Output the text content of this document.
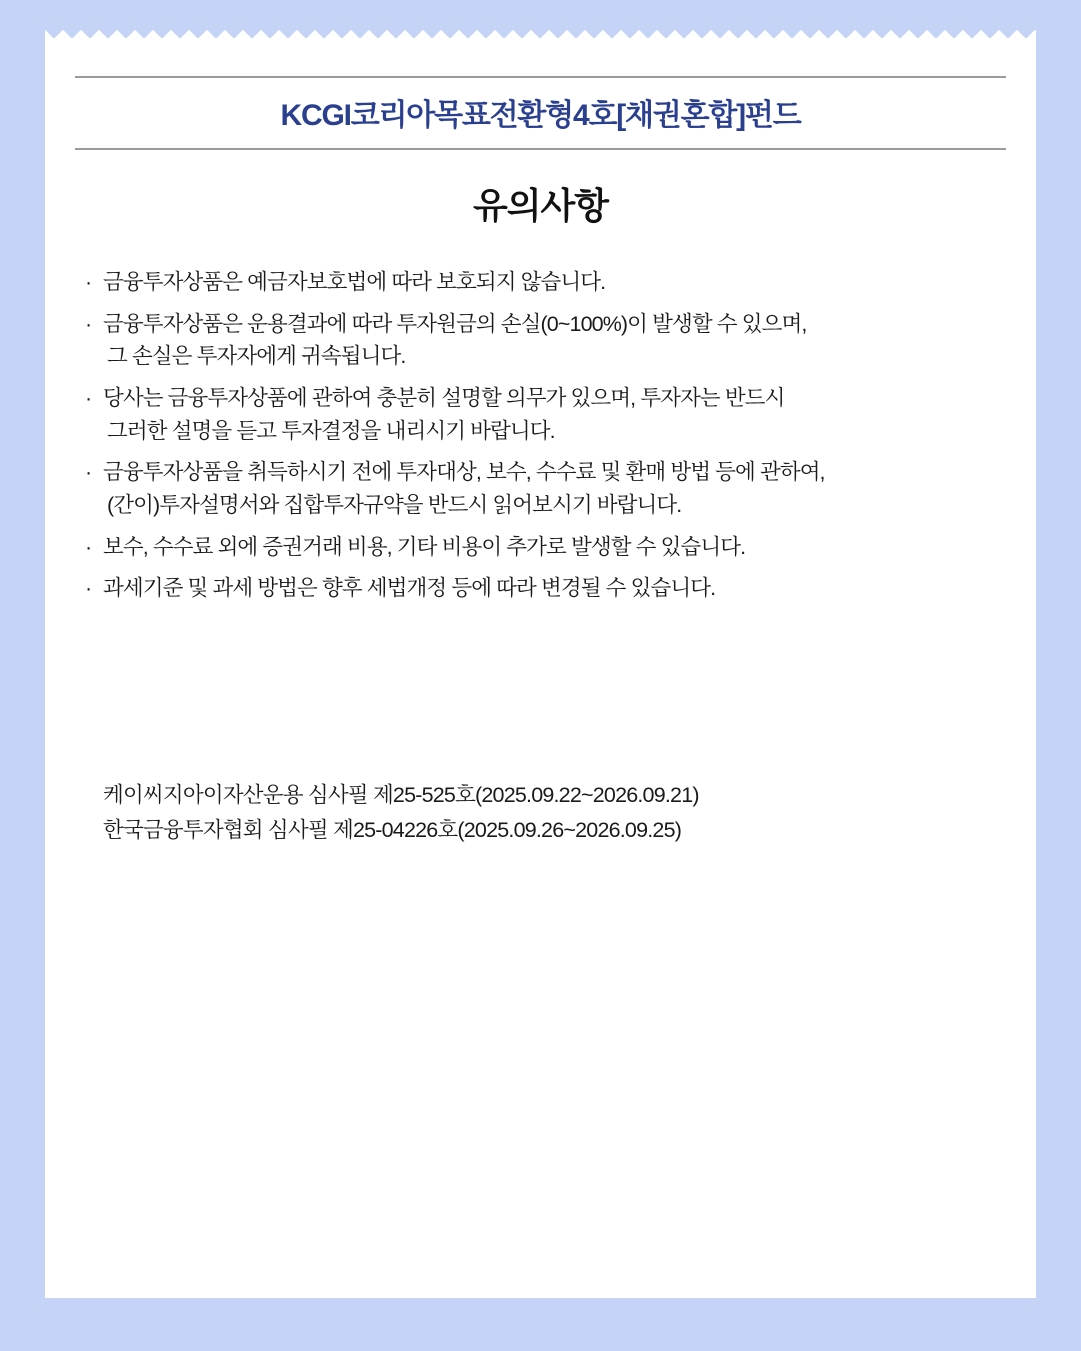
KCGI코리아목표전환형4호[채권혼합]펀드
유의사항
· 금융투자상품은 예금자보호법에 따라 보호되지 않습니다.
· 금융투자상품은 운용결과에 따라 투자원금의 손실(0~100%)이 발생할 수 있으며,
그 손실은 투자자에게 귀속됩니다.
· 당사는 금융투자상품에 관하여 충분히 설명할 의무가 있으며, 투자자는 반드시
그러한 설명을 듣고 투자결정을 내리시기 바랍니다.
· 금융투자상품을 취득하시기 전에 투자대상, 보수, 수수료 및 환매 방법 등에 관하여,
(간이)투자설명서와 집합투자규약을 반드시 읽어보시기 바랍니다.
· 보수, 수수료 외에 증권거래 비용, 기타 비용이 추가로 발생할 수 있습니다.
· 과세기준 및 과세 방법은 향후 세법개정 등에 따라 변경될 수 있습니다.
케이씨지아이자산운용 심사필 제25-525호(2025.09.22~2026.09.21)
한국금융투자협회 심사필 제25-04226호(2025.09.26~2026.09.25)
